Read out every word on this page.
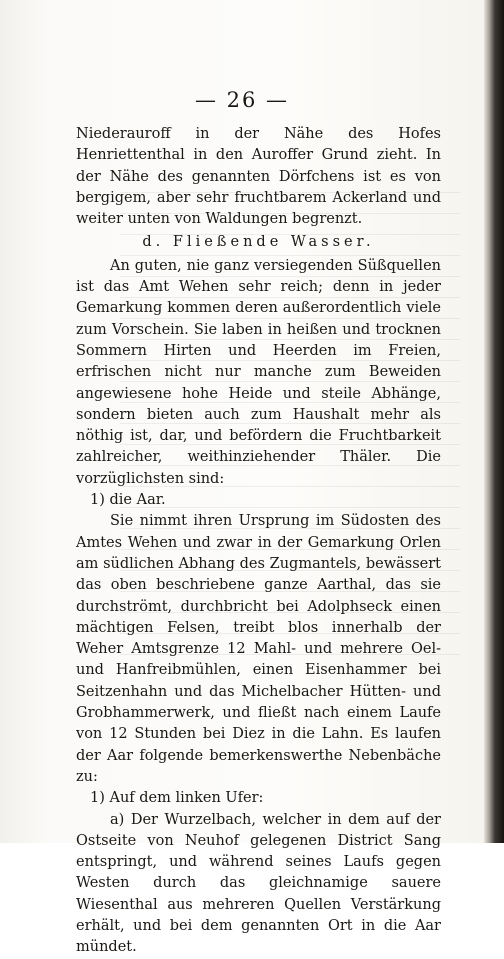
— 26 —

Niederauroff in der Nähe des Hofes Henriettenthal in den Auroffer Grund zieht. In der Nähe des genannten Dörfchens ist es von bergigem, aber sehr fruchtbarem Ackerland und weiter unten von Waldungen begrenzt.

d. Fließende Wasser.

An guten, nie ganz versiegenden Süßquellen ist das Amt Wehen sehr reich; denn in jeder Gemarkung kommen deren außerordentlich viele zum Vorschein. Sie laben in heißen und trocknen Sommern Hirten und Heerden im Freien, erfrischen nicht nur manche zum Beweiden angewiesene hohe Heide und steile Abhänge, sondern bieten auch zum Haushalt mehr als nöthig ist, dar, und befördern die Fruchtbarkeit zahlreicher, weithinziehender Thäler. Die vorzüglichsten sind:

1) die Aar.

Sie nimmt ihren Ursprung im Südosten des Amtes Wehen und zwar in der Gemarkung Orlen am südlichen Abhang des Zugmantels, bewässert das oben beschriebene ganze Aarthal, das sie durchströmt, durchbricht bei Adolphseck einen mächtigen Felsen, treibt blos innerhalb der Weher Amtsgrenze 12 Mahl- und mehrere Oel- und Hanfreibmühlen, einen Eisenhammer bei Seitzenhahn und das Michelbacher Hütten- und Grobhammerwerk, und fließt nach einem Laufe von 12 Stunden bei Diez in die Lahn. Es laufen der Aar folgende bemerkenswerthe Nebenbäche zu:

1) Auf dem linken Ufer:

a) Der Wurzelbach, welcher in dem auf der Ostseite von Neuhof gelegenen District Sang entspringt, und während seines Laufs gegen Westen durch das gleichnamige sauere Wiesenthal aus mehreren Quellen Verstärkung erhält, und bei dem genannten Ort in die Aar mündet.
